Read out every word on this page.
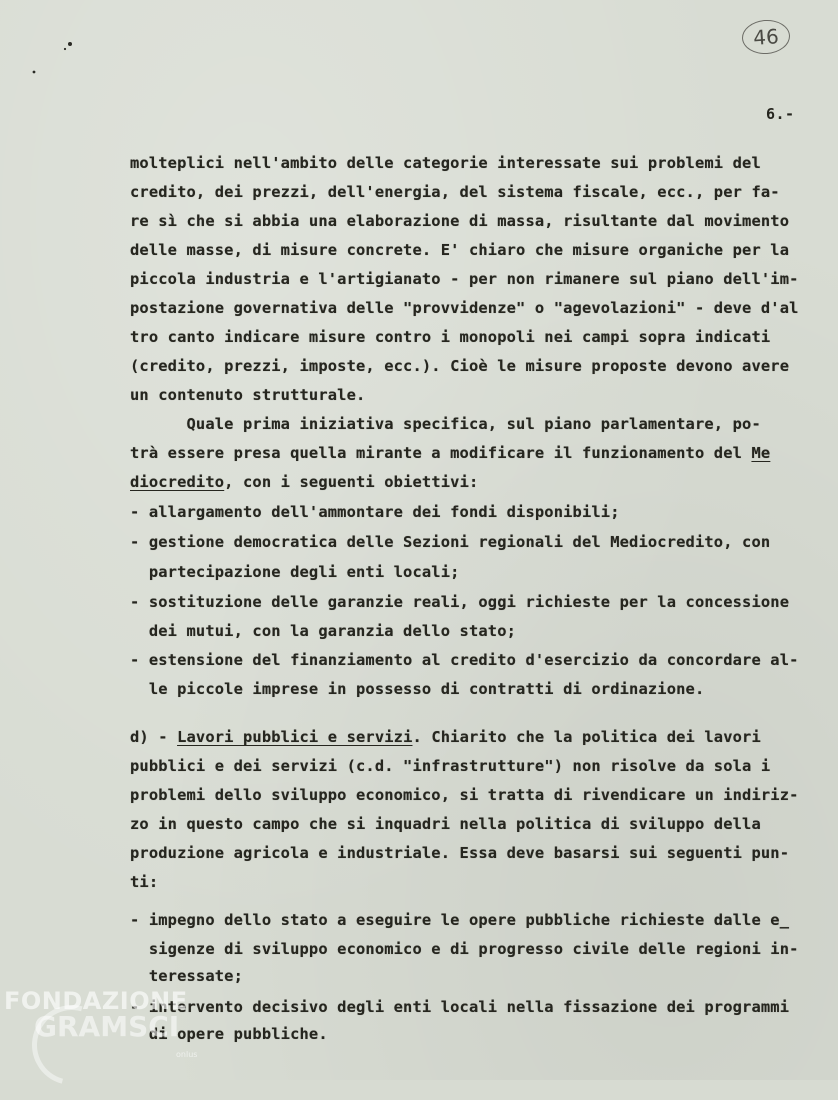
46
6.-
molteplici nell'ambito delle categorie interessate sui problemi del
credito, dei prezzi, dell'energia, del sistema fiscale, ecc., per fa-
re sì che si abbia una elaborazione di massa, risultante dal movimento
delle masse, di misure concrete. E' chiaro che misure organiche per la
piccola industria e l'artigianato - per non rimanere sul piano dell'im-
postazione governativa delle "provvidenze" o "agevolazioni" - deve d'al
tro canto indicare misure contro i monopoli nei campi sopra indicati
(credito, prezzi, imposte, ecc.). Cioè le misure proposte devono avere
un contenuto strutturale.
Quale prima iniziativa specifica, sul piano parlamentare, po-
trà essere presa quella mirante a modificare il funzionamento del Me
diocredito, con i seguenti obiettivi:
- allargamento dell'ammontare dei fondi disponibili;
- gestione democratica delle Sezioni regionali del Mediocredito, con
partecipazione degli enti locali;
- sostituzione delle garanzie reali, oggi richieste per la concessione
dei mutui, con la garanzia dello stato;
- estensione del finanziamento al credito d'esercizio da concordare al-
le piccole imprese in possesso di contratti di ordinazione.
d) - Lavori pubblici e servizi. Chiarito che la politica dei lavori
pubblici e dei servizi (c.d. "infrastrutture") non risolve da sola i
problemi dello sviluppo economico, si tratta di rivendicare un indiriz-
zo in questo campo che si inquadri nella politica di sviluppo della
produzione agricola e industriale. Essa deve basarsi sui seguenti pun-
ti:
- impegno dello stato a eseguire le opere pubbliche richieste dalle e_
sigenze di sviluppo economico e di progresso civile delle regioni in-
teressate;
- intervento decisivo degli enti locali nella fissazione dei programmi
di opere pubbliche.
FONDAZIONE
GRAMSCI
onlus
